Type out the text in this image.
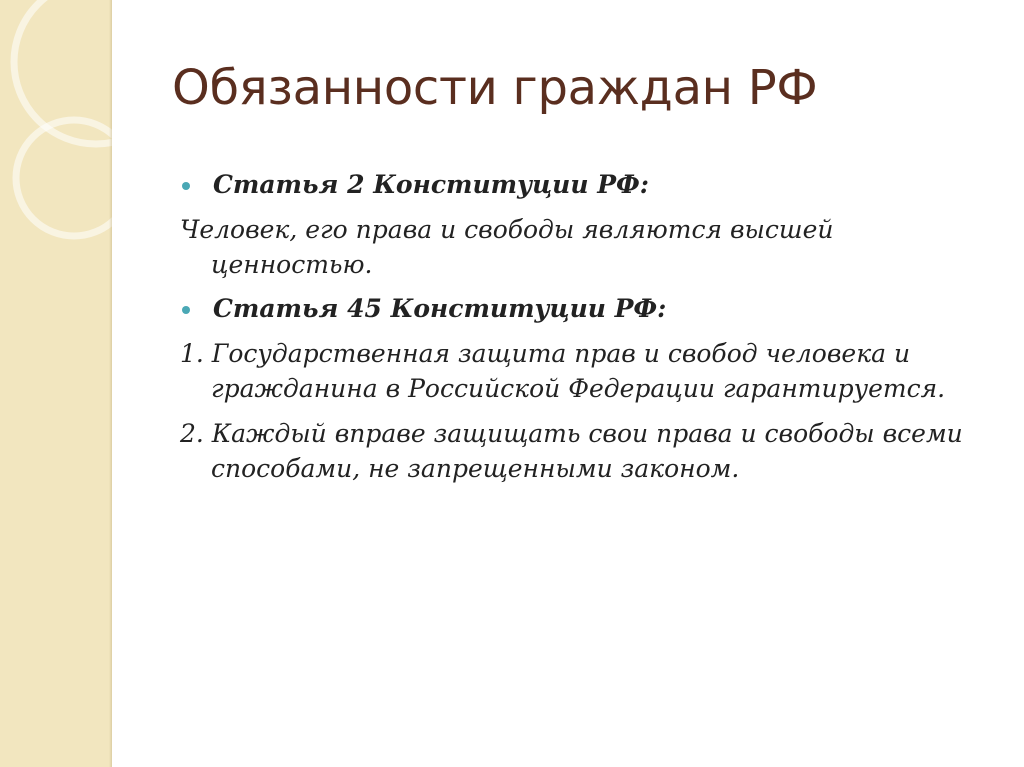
Обязанности граждан РФ

Статья 2 Конституции РФ:

Человек, его права и свободы являются высшей ценностью.

Статья 45 Конституции РФ:

1. Государственная защита прав и свобод человека и гражданина в Российской Федерации гарантируется.

2. Каждый вправе защищать свои права и свободы всеми способами, не запрещенными законом.
